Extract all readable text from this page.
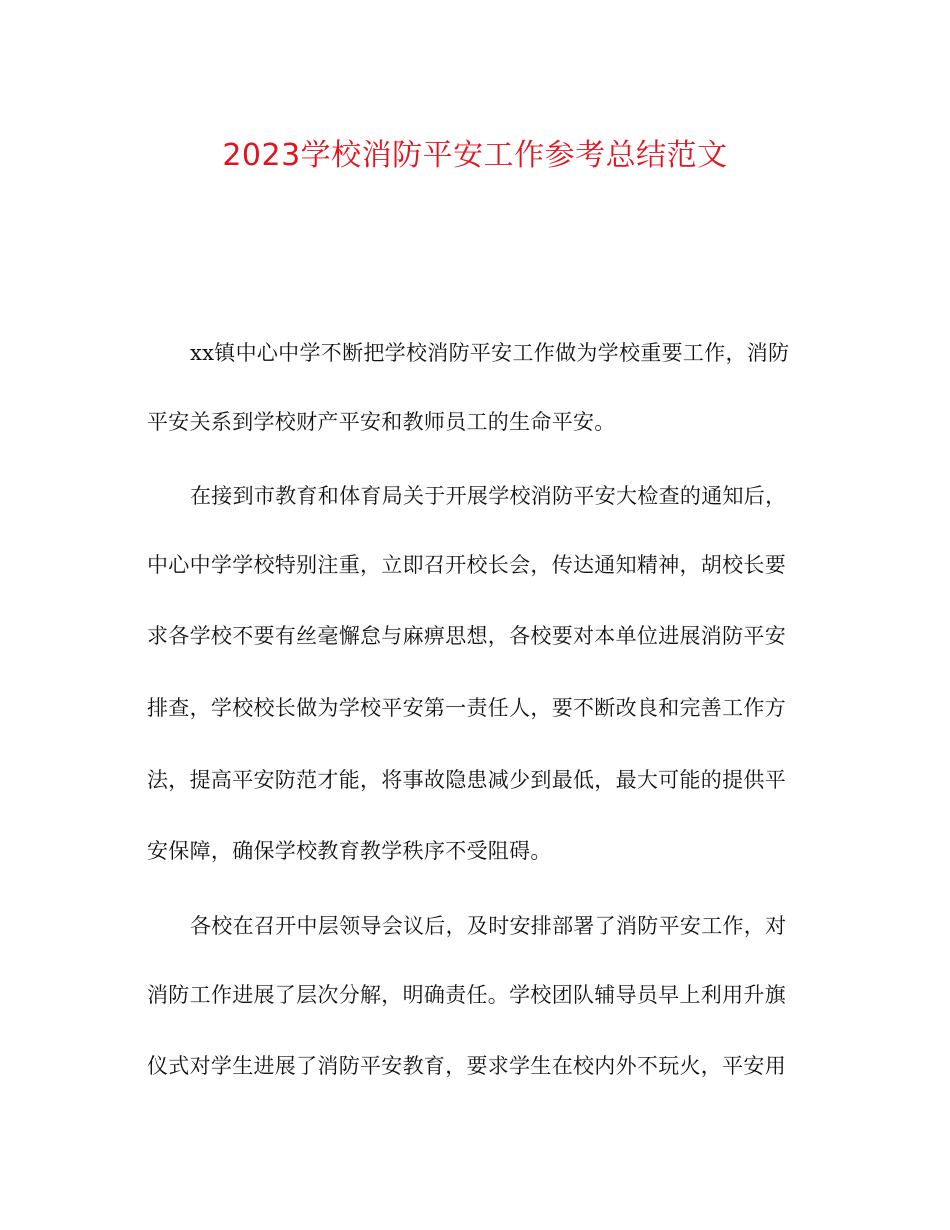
2023学校消防平安工作参考总结范文
xx镇中心中学不断把学校消防平安工作做为学校重要工作，消防
平安关系到学校财产平安和教师员工的生命平安。
在接到市教育和体育局关于开展学校消防平安大检查的通知后，
中心中学学校特别注重，立即召开校长会，传达通知精神，胡校长要
求各学校不要有丝毫懈怠与麻痹思想，各校要对本单位进展消防平安
排查，学校校长做为学校平安第一责任人，要不断改良和完善工作方
法，提高平安防范才能，将事故隐患减少到最低，最大可能的提供平
安保障，确保学校教育教学秩序不受阻碍。
各校在召开中层领导会议后，及时安排部署了消防平安工作，对
消防工作进展了层次分解，明确责任。学校团队辅导员早上利用升旗
仪式对学生进展了消防平安教育，要求学生在校内外不玩火，平安用
